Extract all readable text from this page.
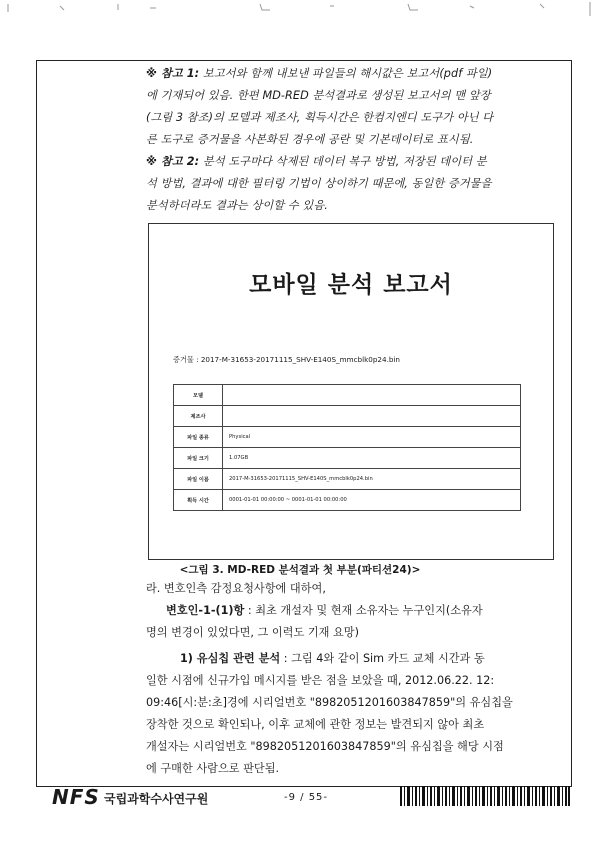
※ 참고 1: 보고서와 함께 내보낸 파일들의 해시값은 보고서(pdf 파일)
에 기재되어 있음. 한편 MD-RED 분석결과로 생성된 보고서의 맨 앞장
(그림 3 참조)의 모델과 제조사, 획득시간은 한컴지엔디 도구가 아닌 다
른 도구로 증거물을 사본화된 경우에 공란 및 기본데이터로 표시됨.
※ 참고 2: 분석 도구마다 삭제된 데이터 복구 방법, 저장된 데이터 분
석 방법, 결과에 대한 필터링 기법이 상이하기 때문에, 동일한 증거물을
분석하더라도 결과는 상이할 수 있음.
모바일 분석 보고서
증거물 : 2017-M-31653-20171115_SHV-E140S_mmcblk0p24.bin
모델	
제조사	
파일 종류	Physical
파일 크기	1.07GB
파일 이름	2017-M-31653-20171115_SHV-E140S_mmcblk0p24.bin
획득 시간	0001-01-01 00:00:00 ~ 0001-01-01 00:00:00
<그림 3. MD-RED 분석결과 첫 부분(파티션24)>
라. 변호인측 감정요청사항에 대하여,
변호인-1-(1)항 : 최초 개설자 및 현재 소유자는 누구인지(소유자
명의 변경이 있었다면, 그 이력도 기재 요망)
1) 유심칩 관련 분석 : 그림 4와 같이 Sim 카드 교체 시간과 동
일한 시점에 신규가입 메시지를 받은 점을 보았을 때, 2012.06.22. 12:
09:46[시:분:초]경에 시리얼번호 "8982051201603847859"의 유심칩을
장착한 것으로 확인되나, 이후 교체에 관한 정보는 발견되지 않아 최초
개설자는 시리얼번호 "8982051201603847859"의 유심칩을 해당 시점
에 구매한 사람으로 판단됨.
NFS 국립과학수사연구원	-9 / 55-
